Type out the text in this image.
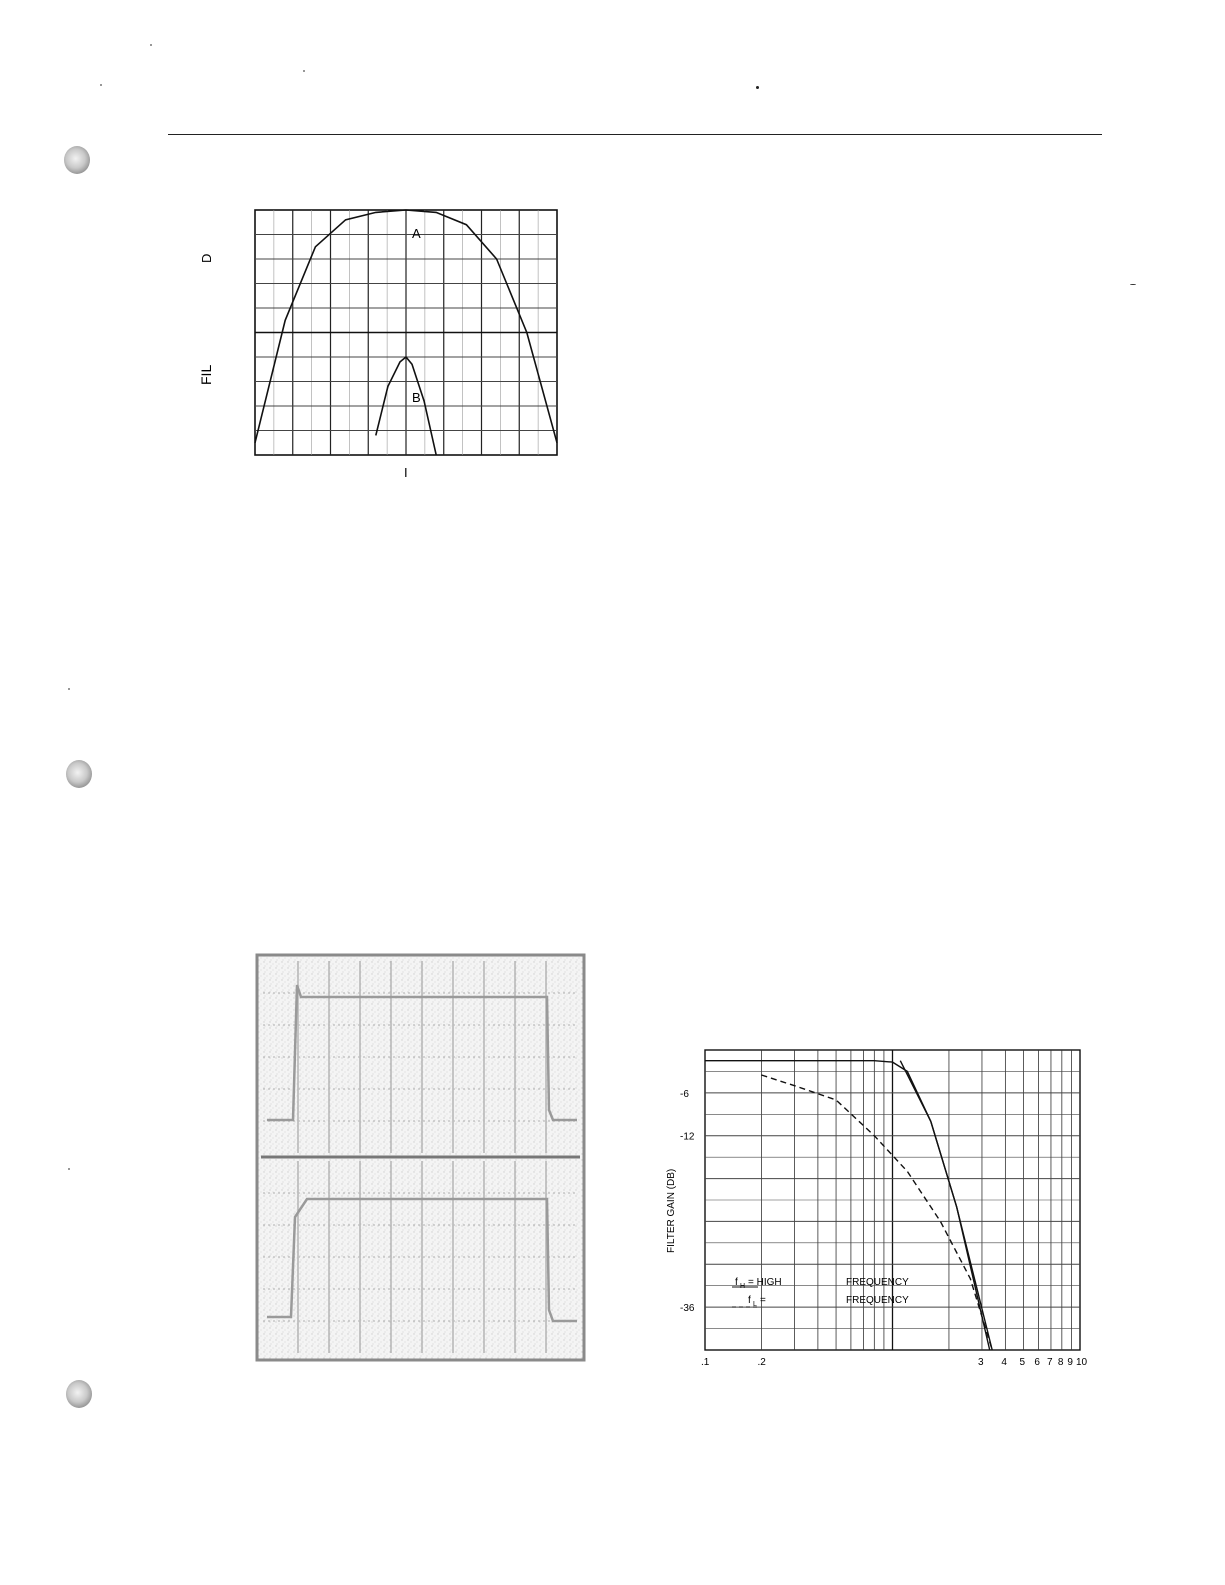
A
B
D
FIL
I
.1	.2	3 4 5 6 7 8 9 10
-6
-12
-36
FILTER GAIN (DB)
f H = HIGH	FREQUENCY
f L =	FREQUENCY
